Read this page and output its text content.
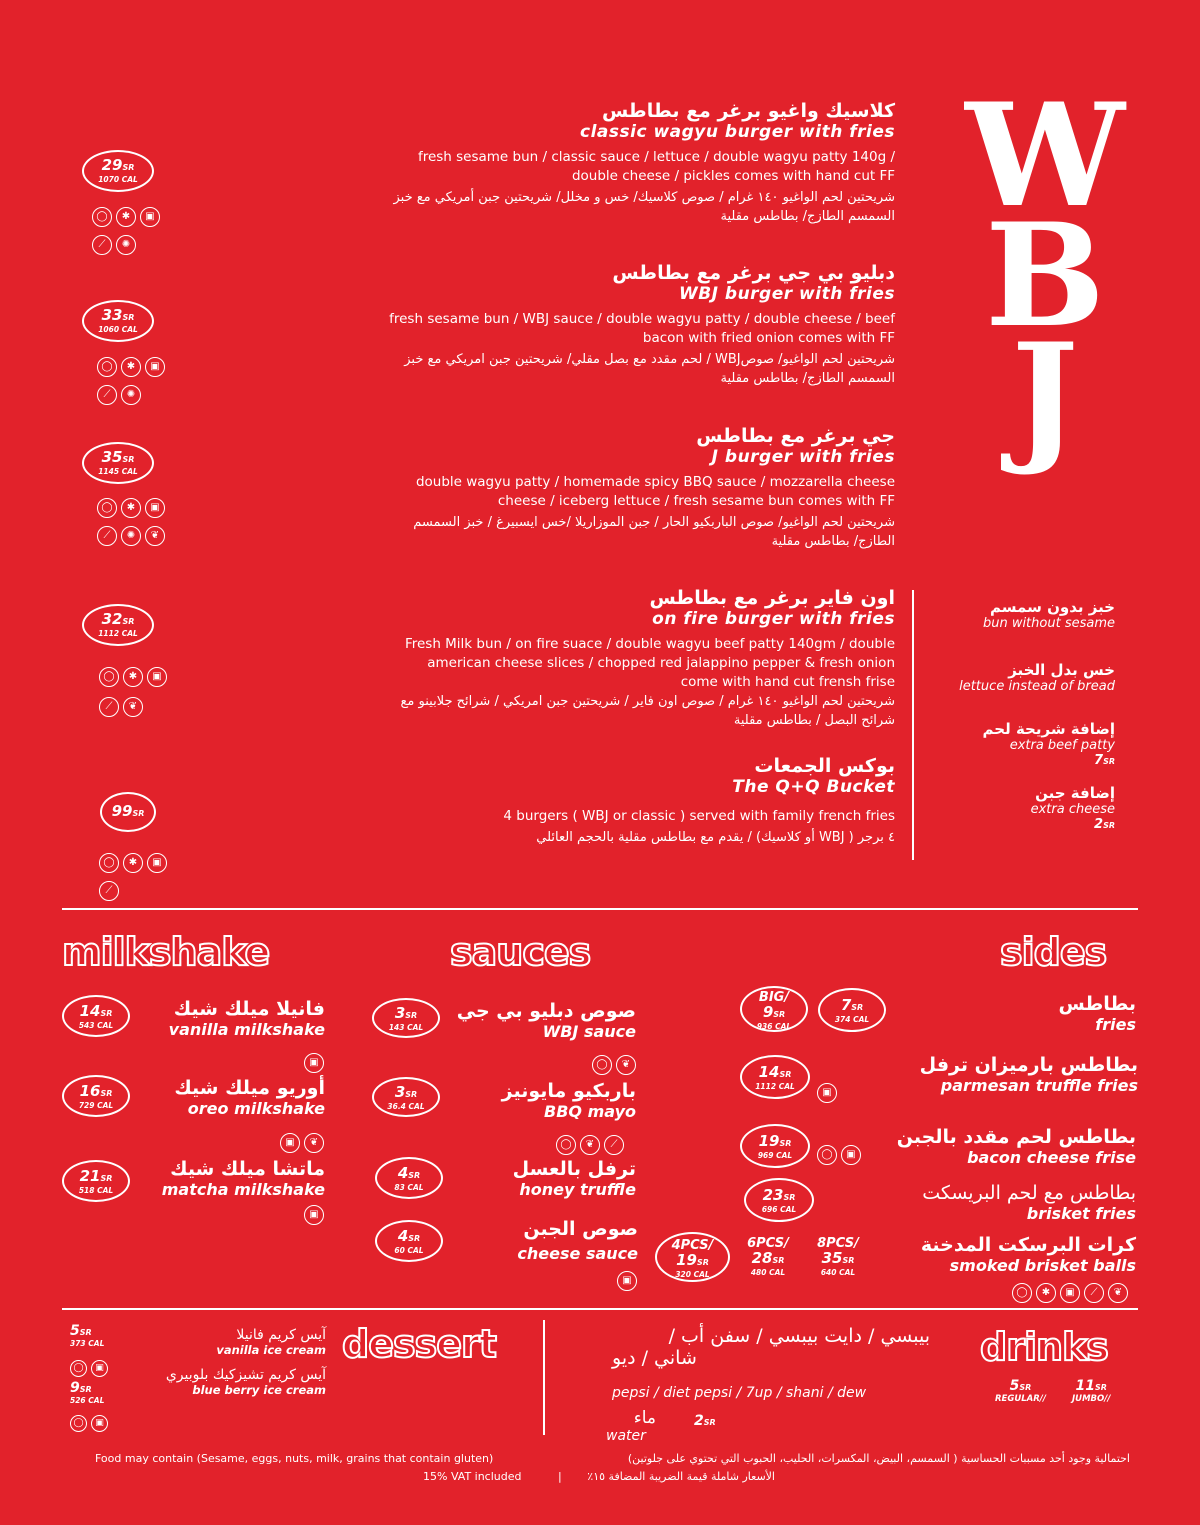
W
B
J
كلاسيك واغيو برغر مع بطاطس
classic wagyu burger with fries
fresh sesame bun / classic sauce / lettuce / double wagyu patty 140g /
double cheese / pickles comes with hand cut FF
شريحتين لحم الواغيو ١٤٠ غرام / صوص كلاسيك/ خس و مخلل/ شريحتين جبن أمريكي مع خبز
السمسم الطازج/ بطاطس مقلية
29SR
1070 CAL
◯ ✱ ▣
⟋ ✺
دبليو بي جي برغر مع بطاطس
WBJ burger with fries
fresh sesame bun / WBJ sauce / double wagyu patty / double cheese / beef
bacon with fried onion comes with FF
شريحتين لحم الواغيو/ صوصWBJ / لحم مقدد مع بصل مقلي/ شريحتين جبن امريكي مع خبز
السمسم الطازج/ بطاطس مقلية
33SR
1060 CAL
◯ ✱ ▣
⟋ ✺
جي برغر مع بطاطس
J burger with fries
double wagyu patty / homemade spicy BBQ sauce / mozzarella cheese
cheese / iceberg lettuce / fresh sesame bun comes with FF
شريحتين لحم الواغيو/ صوص الباربكيو الحار / جبن الموزاريلا /خس ايسبيرغ / خبز السمسم
الطازج/ بطاطس مقلية
35SR
1145 CAL
◯ ✱ ▣
⟋ ✺ ❦
اون فاير برغر مع بطاطس
on fire burger with fries
Fresh Milk bun / on fire suace / double wagyu beef patty 140gm / double
american cheese slices / chopped red jalappino pepper & fresh onion
come with hand cut frensh frise
شريحتين لحم الواغيو ١٤٠ غرام / صوص اون فاير / شريحتين جبن امريكي / شرائح جلابينو مع
شرائح البصل / بطاطس مقلية
32SR
1112 CAL
◯ ✱ ▣
⟋ ❦
بوكس الجمعات
The Q+Q Bucket
4 burgers ( WBJ or classic ) served with family french fries
٤ برجر ( WBJ أو كلاسيك) / يقدم مع بطاطس مقلية بالحجم العائلي
99SR
◯ ✱ ▣
⟋
خبز بدون سمسم
bun without sesame
خس بدل الخبز
lettuce instead of bread
إضافة شريحة لحم
extra beef patty
7SR
إضافة جبن
extra cheese
2SR
milkshake	sauces	sides
14SR
543 CAL
فانيلا ميلك شيك
vanilla milkshake
▣
16SR
729 CAL
أوريو ميلك شيك
oreo milkshake
▣ ❦
21SR
518 CAL
ماتشا ميلك شيك
matcha milkshake
▣
3SR
143 CAL
صوص دبليو بي جي
WBJ sauce
◯ ❦
3SR
36.4 CAL
باربكيو مايونيز
BBQ mayo
◯ ❦ ⟋
4SR
83 CAL
ترفل بالعسل
honey truffle
4SR
60 CAL
صوص الجبن
cheese sauce
▣
BIG/
9SR
936 CAL
7SR
374 CAL
بطاطس
fries
14SR
1112 CAL
▣
بطاطس بارميزان ترفل
parmesan truffle fries
19SR
969 CAL	◯ ▣
بطاطس لحم مقدد بالجبن
bacon cheese frise
23SR
696 CAL
بطاطس مع لحم البريسكت
brisket fries
4PCS/
19SR
320 CAL
6PCS/
28SR
480 CAL
8PCS/
35SR
640 CAL
كرات البرسكت المدخنة
smoked brisket balls
◯ ✱ ▣ ⟋ ❦
5SR
373 CAL
◯ ▣
9SR
526 CAL
◯ ▣
آيس كريم فانيلا
vanilla ice cream
آيس كريم تشيزكيك بلوبيري
blue berry ice cream
dessert	بيبسي / دايت بيبسي / سفن أب /
شاني / ديو
pepsi / diet pepsi / 7up / shani / dew
drinks
5SR
REGULAR//
11SR
JUMBO//
ماء
water
2SR
Food may contain (Sesame, eggs, nuts, milk, grains that contain gluten)	احتمالية وجود أحد مسببات الحساسية ( السمسم، البيض، المكسرات، الحليب، الحبوب التي تحتوي على جلوتين)
15% VAT included	|	الأسعار شاملة قيمة الضريبة المضافة ١٥٪
